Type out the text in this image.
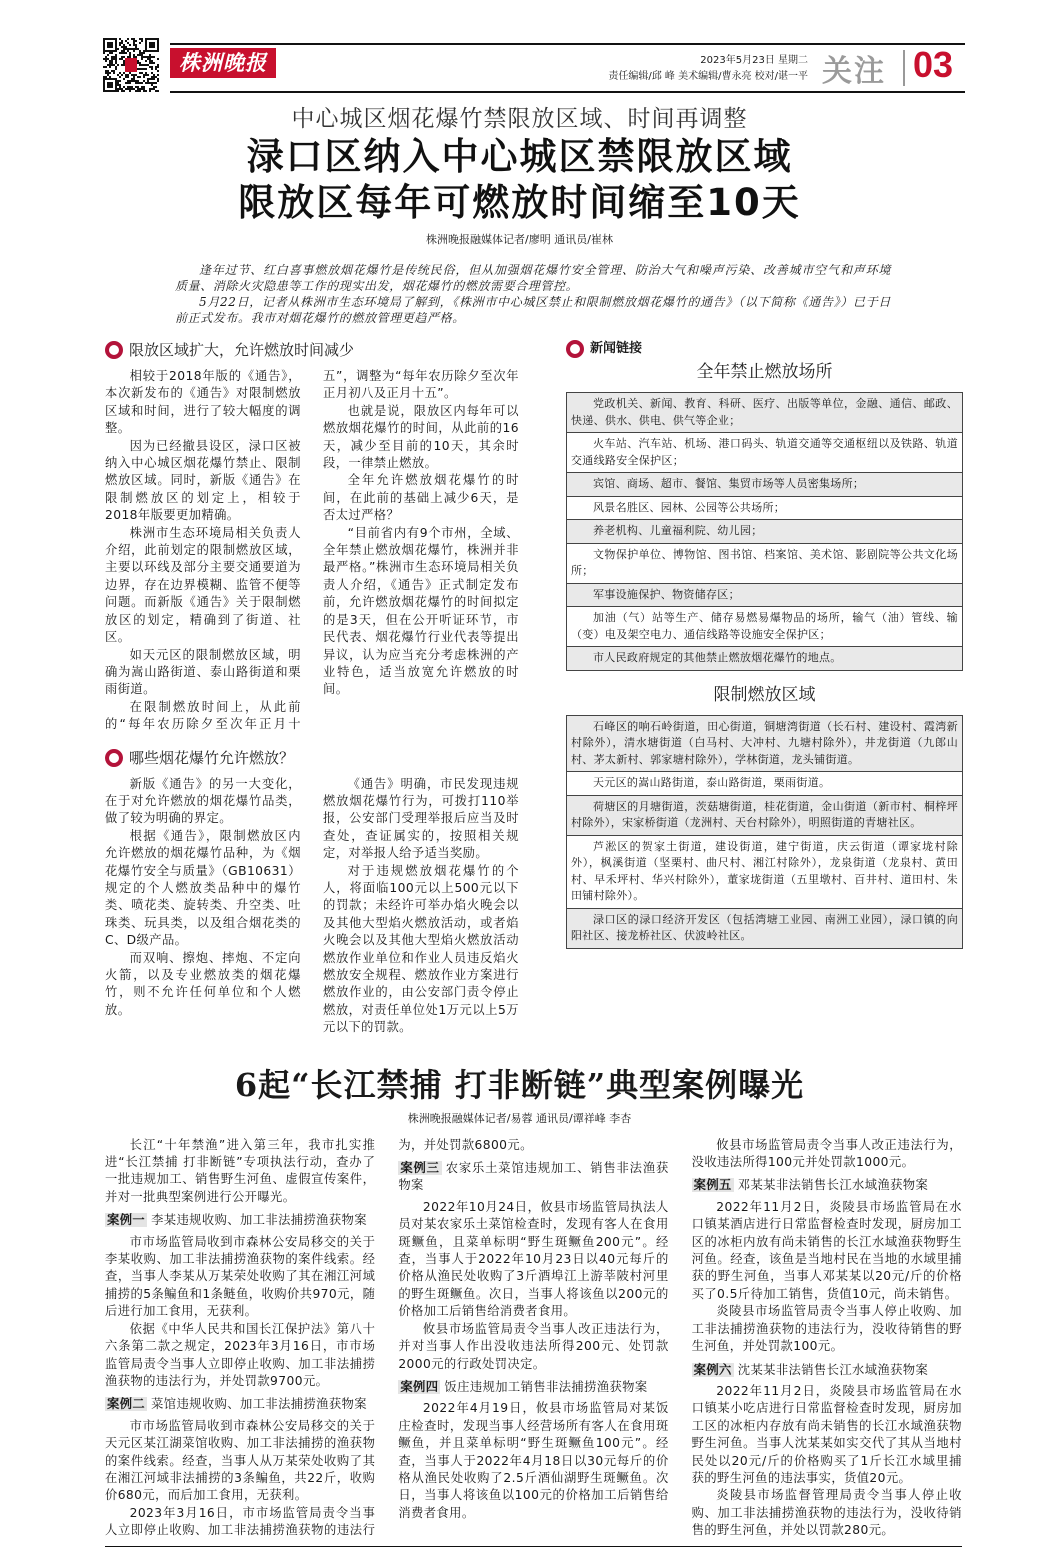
株洲晚报	2023年5月23日 星期二
责任编辑/邱 峰 美术编辑/曹永亮 校对/谌一平 关注 03
中心城区烟花爆竹禁限放区域、时间再调整
渌口区纳入中心城区禁限放区域
限放区每年可燃放时间缩至10天
株洲晚报融媒体记者/廖明 通讯员/崔林

逢年过节、红白喜事燃放烟花爆竹是传统民俗，但从加强烟花爆竹安全管理、防治大气和噪声污染、改善城市空气和声环境质量、消除火灾隐患等工作的现实出发，烟花爆竹的燃放需要合理管控。

5月22日，记者从株洲市生态环境局了解到，《株洲市中心城区禁止和限制燃放烟花爆竹的通告》（以下简称《通告》）已于日前正式发布。我市对烟花爆竹的燃放管理更趋严格。

限放区域扩大，允许燃放时间减少

相较于2018年版的《通告》，本次新发布的《通告》对限制燃放区域和时间，进行了较大幅度的调整。

因为已经撤县设区，渌口区被纳入中心城区烟花爆竹禁止、限制燃放区域。同时，新版《通告》在限制燃放区的划定上，相较于2018年版要更加精确。

株洲市生态环境局相关负责人介绍，此前划定的限制燃放区域，主要以环线及部分主要交通要道为边界，存在边界模糊、监管不便等问题。而新版《通告》关于限制燃放区的划定，精确到了街道、社区。

如天元区的限制燃放区域，明确为嵩山路街道、泰山路街道和栗雨街道。

在限制燃放时间上，从此前的“每年农历除夕至次年正月十五”，调整为“每年农历除夕至次年正月初八及正月十五”。

也就是说，限放区内每年可以燃放烟花爆竹的时间，从此前的16天，减少至目前的10天，其余时段，一律禁止燃放。

全年允许燃放烟花爆竹的时间，在此前的基础上减少6天，是否太过严格？

“目前省内有9个市州，全域、全年禁止燃放烟花爆竹，株洲并非最严格。”株洲市生态环境局相关负责人介绍，《通告》正式制定发布前，允许燃放烟花爆竹的时间拟定的是3天，但在公开听证环节，市民代表、烟花爆竹行业代表等提出异议，认为应当充分考虑株洲的产业特色，适当放宽允许燃放的时间。

哪些烟花爆竹允许燃放？

新版《通告》的另一大变化，在于对允许燃放的烟花爆竹品类，做了较为明确的界定。

根据《通告》，限制燃放区内允许燃放的烟花爆竹品种，为《烟花爆竹安全与质量》（GB10631）规定的个人燃放类品种中的爆竹类、喷花类、旋转类、升空类、吐珠类、玩具类，以及组合烟花类的C、D级产品。

而双响、擦炮、摔炮、不定向火箭，以及专业燃放类的烟花爆竹，则不允许任何单位和个人燃放。

《通告》明确，市民发现违规燃放烟花爆竹行为，可拨打110举报，公安部门受理举报后应当及时查处，查证属实的，按照相关规定，对举报人给予适当奖励。

对于违规燃放烟花爆竹的个人，将面临100元以上500元以下的罚款；未经许可举办焰火晚会以及其他大型焰火燃放活动，或者焰火晚会以及其他大型焰火燃放活动燃放作业单位和作业人员违反焰火燃放安全规程、燃放作业方案进行燃放作业的，由公安部门责令停止燃放，对责任单位处1万元以上5万元以下的罚款。

新闻链接
全年禁止燃放场所
党政机关、新闻、教育、科研、医疗、出版等单位，金融、通信、邮政、快递、供水、供电、供气等企业；
火车站、汽车站、机场、港口码头、轨道交通等交通枢纽以及铁路、轨道交通线路安全保护区；
宾馆、商场、超市、餐馆、集贸市场等人员密集场所；
风景名胜区、园林、公园等公共场所；
养老机构、儿童福利院、幼儿园；
文物保护单位、博物馆、图书馆、档案馆、美术馆、影剧院等公共文化场所；
军事设施保护、物资储存区；
加油（气）站等生产、储存易燃易爆物品的场所，输气（油）管线、输（变）电及架空电力、通信线路等设施安全保护区；
市人民政府规定的其他禁止燃放烟花爆竹的地点。
限制燃放区域
石峰区的响石岭街道，田心街道，铜塘湾街道（长石村、建设村、霞湾新村除外），清水塘街道（白马村、大冲村、九塘村除外），井龙街道（九郎山村、茅太新村、郭家塘村除外），学林街道，龙头铺街道。
天元区的嵩山路街道，泰山路街道，栗雨街道。
荷塘区的月塘街道，茨菇塘街道，桂花街道，金山街道（新市村、桐梓坪村除外），宋家桥街道（龙洲村、天台村除外），明照街道的青塘社区。
芦淞区的贺家土街道，建设街道，建宁街道，庆云街道（谭家垅村除外），枫溪街道（坚栗村、曲尺村、湘江村除外），龙泉街道（龙泉村、黄田村、早禾坪村、华兴村除外），董家垅街道（五里墩村、百井村、道田村、朱田铺村除外）。
渌口区的渌口经济开发区（包括湾塘工业园、南洲工业园），渌口镇的向阳社区、接龙桥社区、伏波岭社区。
6起“长江禁捕 打非断链”典型案例曝光
株洲晚报融媒体记者/易蓉 通讯员/谭祥峰 李杏

长江“十年禁渔”进入第三年，我市扎实推进“长江禁捕 打非断链”专项执法行动，查办了一批违规加工、销售野生河鱼、虚假宣传案件，并对一批典型案例进行公开曝光。

案例一 李某违规收购、加工非法捕捞渔获物案

市市场监管局收到市森林公安局移交的关于李某收购、加工非法捕捞渔获物的案件线索。经查，当事人李某从万某荣处收购了其在湘江河域捕捞的5条鳊鱼和1条鲢鱼，收购价共970元，随后进行加工食用，无获利。

依据《中华人民共和国长江保护法》第八十六条第二款之规定，2023年3月16日，市市场监管局责令当事人立即停止收购、加工非法捕捞渔获物的违法行为，并处罚款9700元。

案例二 菜馆违规收购、加工非法捕捞渔获物案

市市场监管局收到市森林公安局移交的关于天元区某江湖菜馆收购、加工非法捕捞的渔获物的案件线索。经查，当事人从万某荣处收购了其在湘江河域非法捕捞的3条鳊鱼，共22斤，收购价680元，而后加工食用，无获利。

2023年3月16日，市市场监管局责令当事人立即停止收购、加工非法捕捞渔获物的违法行为，并处罚款6800元。

案例三 农家乐土菜馆违规加工、销售非法渔获物案

2022年10月24日，攸县市场监管局执法人员对某农家乐土菜馆检查时，发现有客人在食用斑鳜鱼，且菜单标明“野生斑鳜鱼200元”。经查，当事人于2022年10月23日以40元每斤的价格从渔民处收购了3斤酒埠江上游莘陂村河里的野生斑鳜鱼。次日，当事人将该鱼以200元的价格加工后销售给消费者食用。

攸县市场监管局责令当事人改正违法行为，并对当事人作出没收违法所得200元、处罚款2000元的行政处罚决定。

案例四 饭庄违规加工销售非法捕捞渔获物案

2022年4月19日，攸县市场监管局对某饭庄检查时，发现当事人经营场所有客人在食用斑鳜鱼，并且菜单标明“野生斑鳜鱼100元”。经查，当事人于2022年4月18日以30元每斤的价格从渔民处收购了2.5斤酒仙湖野生斑鳜鱼。次日，当事人将该鱼以100元的价格加工后销售给消费者食用。

攸县市场监管局责令当事人改正违法行为，没收违法所得100元并处罚款1000元。

案例五 邓某某非法销售长江水域渔获物案

2022年11月2日，炎陵县市场监管局在水口镇某酒店进行日常监督检查时发现，厨房加工区的冰柜内放有尚未销售的长江水域渔获物野生河鱼。经查，该鱼是当地村民在当地的水域里捕获的野生河鱼，当事人邓某某以20元/斤的价格买了0.5斤待加工销售，货值10元，尚未销售。

炎陵县市场监管局责令当事人停止收购、加工非法捕捞渔获物的违法行为，没收待销售的野生河鱼，并处罚款100元。

案例六 沈某某非法销售长江水域渔获物案

2022年11月2日，炎陵县市场监管局在水口镇某小吃店进行日常监督检查时发现，厨房加工区的冰柜内存放有尚未销售的长江水域渔获物野生河鱼。当事人沈某某如实交代了其从当地村民处以20元/斤的价格购买了1斤长江水域里捕获的野生河鱼的违法事实，货值20元。

炎陵县市场监督管理局责令当事人停止收购、加工非法捕捞渔获物的违法行为，没收待销售的野生河鱼，并处以罚款280元。
